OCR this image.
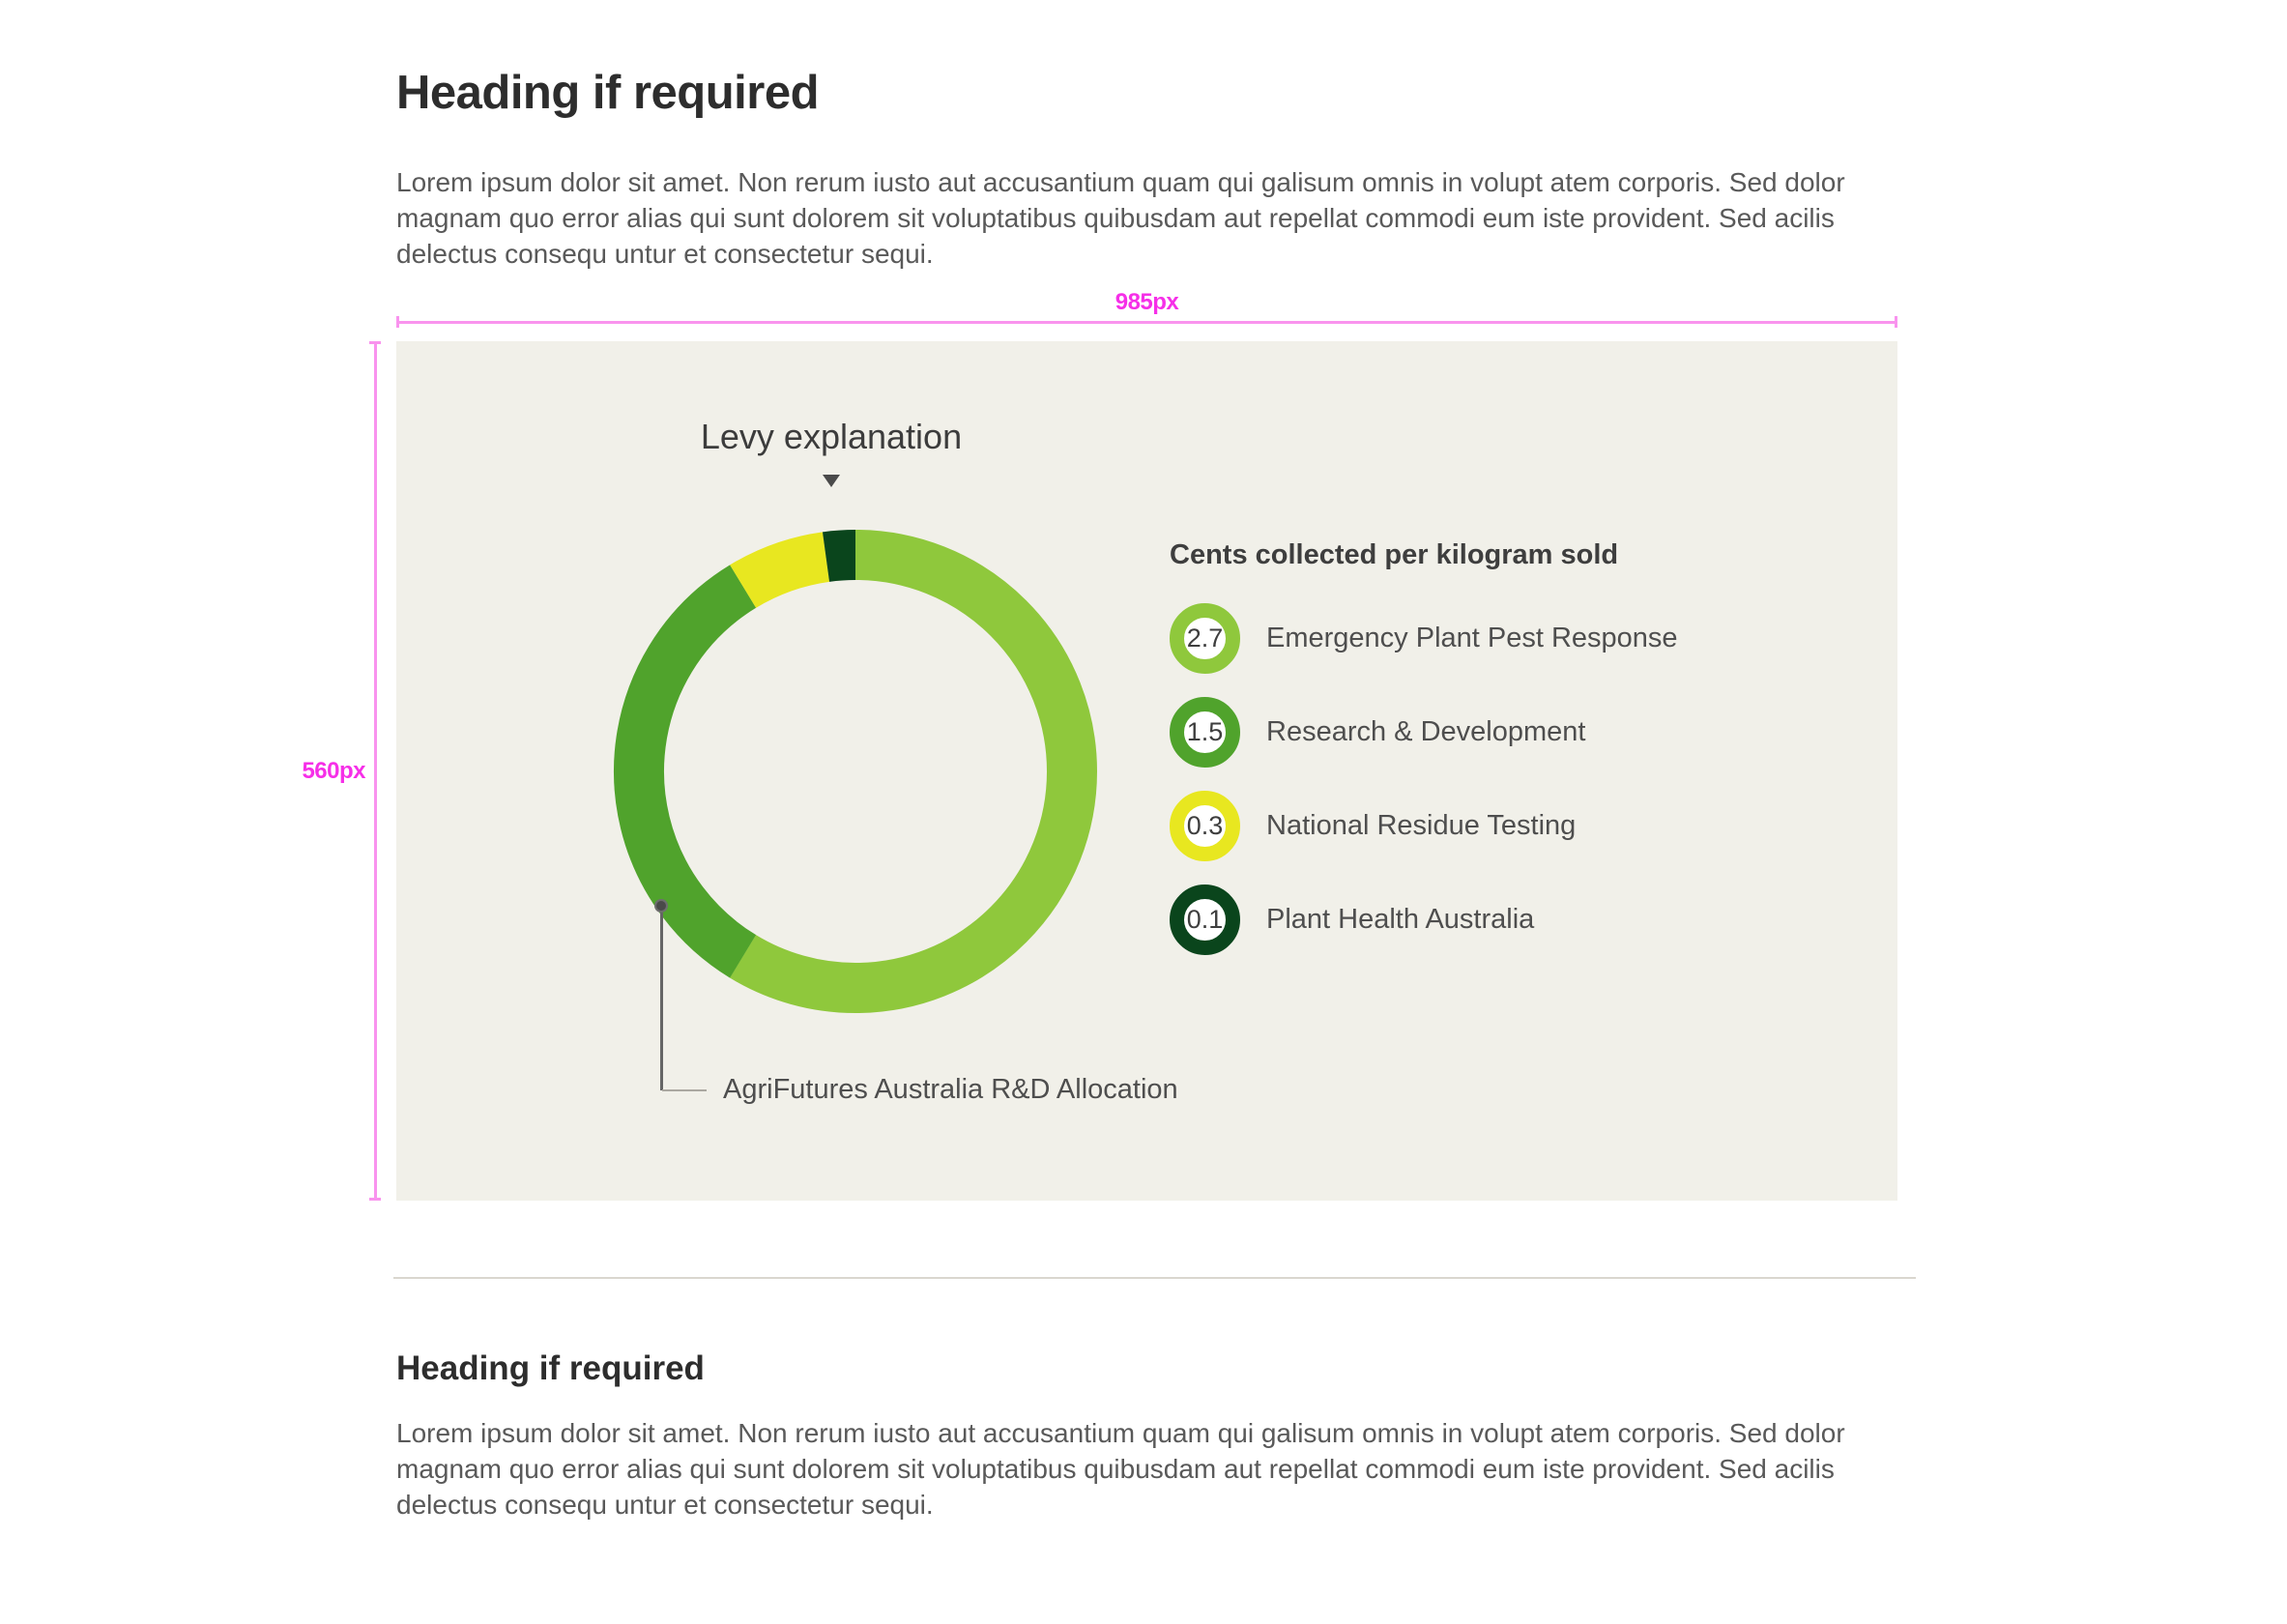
Heading if required
Lorem ipsum dolor sit amet. Non rerum iusto aut accusantium quam qui galisum omnis in volupt atem corporis. Sed dolor magnam quo error alias qui sunt dolorem sit voluptatibus quibusdam aut repellat commodi eum iste provident. Sed acilis delectus consequ untur et consectetur sequi.
985px
560px
Levy explanation
AgriFutures Australia R&D Allocation
Cents collected per kilogram sold
2.7	Emergency Plant Pest Response
1.5	Research & Development
0.3	National Residue Testing
0.1	Plant Health Australia
Heading if required
Lorem ipsum dolor sit amet. Non rerum iusto aut accusantium quam qui galisum omnis in volupt atem corporis. Sed dolor magnam quo error alias qui sunt dolorem sit voluptatibus quibusdam aut repellat commodi eum iste provident. Sed acilis delectus consequ untur et consectetur sequi.
